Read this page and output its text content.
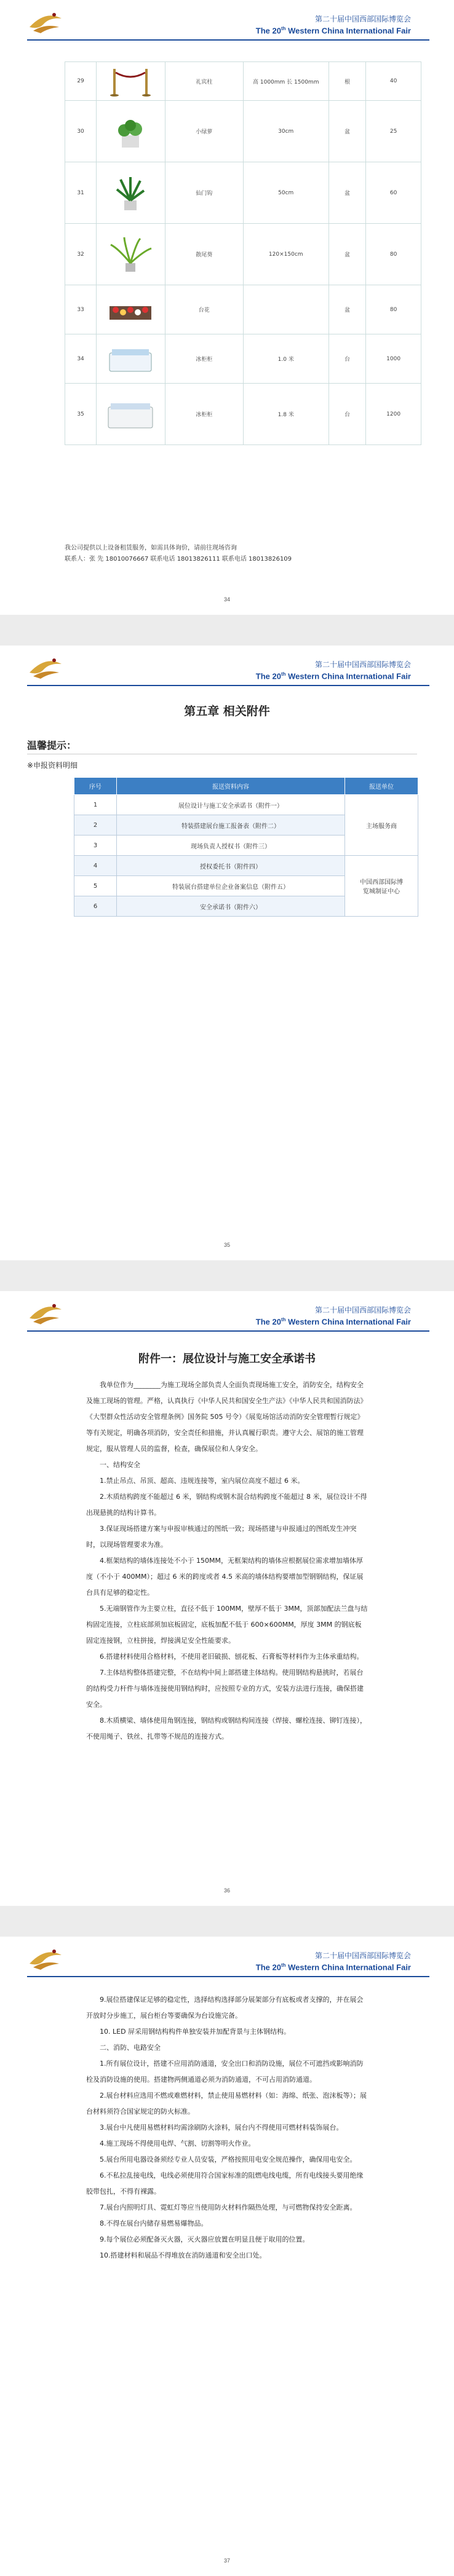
第二十届中国西部国际博览会
The 20th Western China International Fair
29		礼宾柱	高 1000mm 长 1500mm	根	40
30		小绿萝	30cm	盆	25
31		仙门钩	50cm	盆	60
32		散尾葵	120×150cm	盆	80
33		台花		盆	80
34		冰柜柜	1.0 米	台	1000
35		冰柜柜	1.8 米	台	1200
我公司提供以上设备租赁服务，如需具体询价，请前往现场咨询
联系人：张 先 18010076667 联系电话 18013826111 联系电话 18013826109
34
第二十届中国西部国际博览会
The 20th Western China International Fair
第五章 相关附件
温馨提示：
※申报资料明细
序号	报送资料内容	报送单位
1	展位设计与施工安全承诺书（附件一）	主场服务商
2	特装搭建展台施工报备表（附件二）	
3	现场负责人授权书（附件三）	
4	授权委托书（附件四）	中国西部国际博
览城制证中心

5	特装展台搭建单位企业备案信息（附件五）	
6	安全承诺书（附件六）	
35
第二十届中国西部国际博览会
The 20th Western China International Fair
附件一：展位设计与施工安全承诺书

我单位作为________为施工现场全部负责人全面负责现场施工安全，消防安全，结构安全及施工现场的管理。严格，认真执行《中华人民共和国安全生产法》《中华人民共和国消防法》《大型群众性活动安全管理条例》国务院 505 号令）《展览场馆活动消防安全管理暂行规定》等有关规定，明确各项消防，安全责任和措施，并认真履行职责。遵守大会、展馆的施工管理规定，服从管理人员的监督，检查，确保展位和人身安全。

一、结构安全

1.禁止吊点、吊顶、超高、违规连接等，室内展位高度不超过 6 米。

2.木质结构跨度不能超过 6 米，钢结构或钢木混合结构跨度不能超过 8 米，展位设计不得出现悬挑的结构计算书。

3.保证现场搭建方案与申报审核通过的图纸一致；现场搭建与申报通过的图纸发生冲突时，以现场管理要求为准。

4.框架结构的墙体连接处不小于 150MM，无框架结构的墙体应根据展位需求增加墙体厚度（不小于 400MM）；超过 6 米的跨度或者 4.5 米高的墙体结构要增加型钢钢结构，保证展台具有足够的稳定性。

5.无端钢管作为主要立柱，直径不低于 100MM，壁厚不低于 3MM，顶部加配法兰盘与结构固定连接，立柱底部须加底板固定，底板加配不低于 600×600MM，厚度 3MM 的钢底板固定连接钢，立柱拼接，焊接满足安全性能要求。

6.搭建材料使用合格材料，不使用老旧破损、刨花板、石膏板等材料作为主体承重结构。

7.主体结构整体搭建完整，不在结构中间上部搭建主体结构。使用钢结构悬挑时，若展台的结构受力杆件与墙体连接使用钢结构时，应按照专业的方式，安装方法进行连接，确保搭建安全。

8.木质横梁、墙体使用角钢连接，钢结构或钢结构间连接（焊接、螺栓连接、铆钉连接），不使用绳子、铁丝、扎带等不规范的连接方式。

36
第二十届中国西部国际博览会
The 20th Western China International Fair

9.展位搭建保证足够的稳定性，选择结构选择部分展架部分有底板或者支撑的，并在展会开放时分步施工，展台柜台等要确保为台设施完备。

10. LED 屏采用钢结构构件单独安装并加配背景与主体钢结构。

二、消防、电路安全

1.所有展位设计，搭建不应用消防通道，安全出口和消防设施，展位不可遮挡或影响消防栓及消防设施的使用。搭建物两侧通道必须为消防通道，不可占用消防通道。

2.展台材料应选用不燃或难燃材料，禁止使用易燃材料（如：海绵、纸张、泡沫板等）；展台材料须符合国家规定的防火标准。

3.展台中凡使用易燃材料均需涂刷防火涂料，展台内不得使用可燃材料装饰展台。

4.施工现场不得使用电焊、气割、切割等明火作业。

5.展台所用电器设备须经专业人员安装，严格按照用电安全规范操作，确保用电安全。

6.不私拉乱接电线，电线必须使用符合国家标准的阻燃电线电缆，所有电线接头要用绝缘胶带包扎，不得有裸露。

7.展台内照明灯具、霓虹灯等应当使用防火材料作隔热处理，与可燃物保持安全距离。

8.不得在展台内储存易燃易爆物品。

9.每个展位必须配备灭火器，灭火器应放置在明显且便于取用的位置。

10.搭建材料和展品不得堆放在消防通道和安全出口处。

37
